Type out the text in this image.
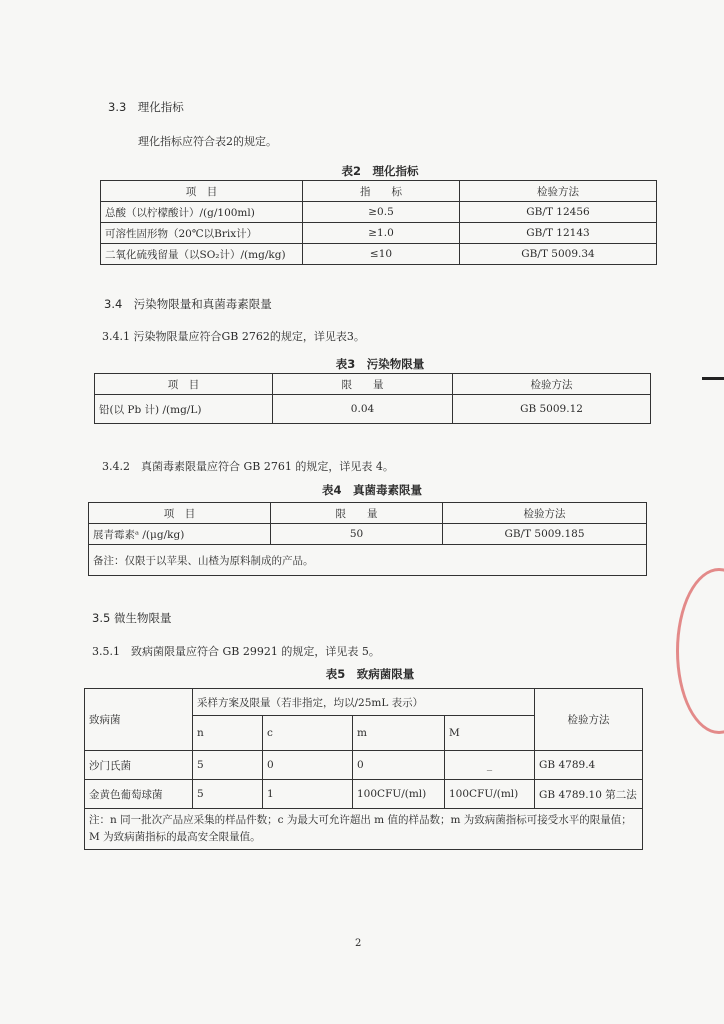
3.3　理化指标
理化指标应符合表2的规定。
表2　理化指标
项　目	指　　标	检验方法
总酸（以柠檬酸计）/(g/100ml)	≥0.5	GB/T 12456
可溶性固形物（20℃以Brix计）	≥1.0	GB/T 12143
二氧化硫残留量（以SO₂计）/(mg/kg)	≤10	GB/T 5009.34
3.4　污染物限量和真菌毒素限量
3.4.1 污染物限量应符合GB 2762的规定，详见表3。
表3　污染物限量
项　目	限　　量	检验方法
铅(以 Pb 计) /(mg/L)	0.04	GB 5009.12
3.4.2　真菌毒素限量应符合 GB 2761 的规定，详见表 4。
表4　真菌毒素限量
项　目	限　　量	检验方法
展青霉素ᵃ /(μg/kg)	50	GB/T 5009.185
备注：仅限于以苹果、山楂为原料制成的产品。		
3.5 微生物限量
3.5.1　致病菌限量应符合 GB 29921 的规定，详见表 5。
表5　致病菌限量
致病菌	采样方案及限量（若非指定，均以/25mL 表示）				检验方法
	n	c	m	M	
沙门氏菌	5	0	0	_	GB 4789.4
金黄色葡萄球菌	5	1	100CFU/(ml)	100CFU/(ml)	GB 4789.10 第二法
注：n 同一批次产品应采集的样品件数；c 为最大可允许超出 m 值的样品数；m 为致病菌指标可接受水平的限量值；M 为致病菌指标的最高安全限量值。					
2
